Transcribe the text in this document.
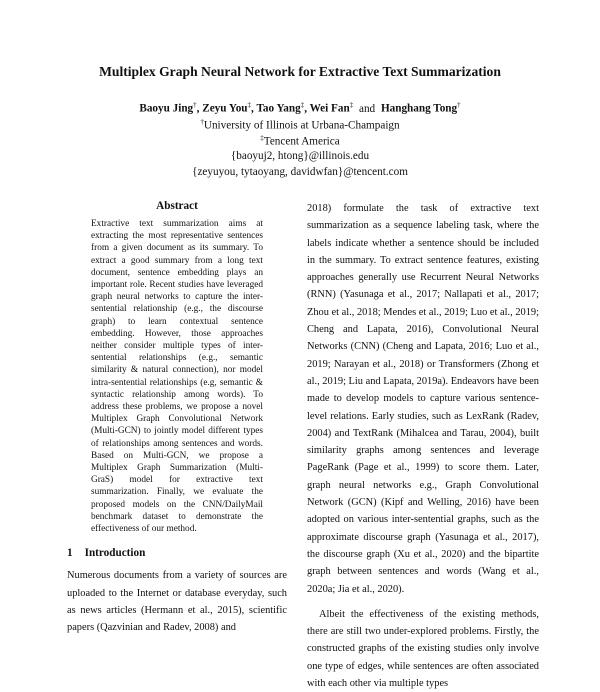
Multiplex Graph Neural Network for Extractive Text Summarization
Baoyu Jing†, Zeyu You‡, Tao Yang‡, Wei Fan‡ and Hanghang Tong†
†University of Illinois at Urbana-Champaign
‡Tencent America
{baoyuj2, htong}@illinois.edu
{zeyuyou, tytaoyang, davidwfan}@tencent.com
Abstract

Extractive text summarization aims at extracting the most representative sentences from a given document as its summary. To extract a good summary from a long text document, sentence embedding plays an important role. Recent studies have leveraged graph neural networks to capture the inter-sentential relationship (e.g., the discourse graph) to learn contextual sentence embedding. However, those approaches neither consider multiple types of inter-sentential relationships (e.g., semantic similarity & natural connection), nor model intra-sentential relationships (e.g, semantic & syntactic relationship among words). To address these problems, we propose a novel Multiplex Graph Convolutional Network (Multi-GCN) to jointly model different types of relationships among sentences and words. Based on Multi-GCN, we propose a Multiplex Graph Summarization (Multi-GraS) model for extractive text summarization. Finally, we evaluate the proposed models on the CNN/DailyMail benchmark dataset to demonstrate the effectiveness of our method.

1 Introduction

Numerous documents from a variety of sources are uploaded to the Internet or database everyday, such as news articles (Hermann et al., 2015), scientific papers (Qazvinian and Radev, 2008) and

2018) formulate the task of extractive text summarization as a sequence labeling task, where the labels indicate whether a sentence should be included in the summary. To extract sentence features, existing approaches generally use Recurrent Neural Networks (RNN) (Yasunaga et al., 2017; Nallapati et al., 2017; Zhou et al., 2018; Mendes et al., 2019; Luo et al., 2019; Cheng and Lapata, 2016), Convolutional Neural Networks (CNN) (Cheng and Lapata, 2016; Luo et al., 2019; Narayan et al., 2018) or Transformers (Zhong et al., 2019; Liu and Lapata, 2019a). Endeavors have been made to develop models to capture various sentence-level relations. Early studies, such as LexRank (Radev, 2004) and TextRank (Mihalcea and Tarau, 2004), built similarity graphs among sentences and leverage PageRank (Page et al., 1999) to score them. Later, graph neural networks e.g., Graph Convolutional Network (GCN) (Kipf and Welling, 2016) have been adopted on various inter-sentential graphs, such as the approximate discourse graph (Yasunaga et al., 2017), the discourse graph (Xu et al., 2020) and the bipartite graph between sentences and words (Wang et al., 2020a; Jia et al., 2020).

Albeit the effectiveness of the existing methods, there are still two under-explored problems. Firstly, the constructed graphs of the existing studies only involve one type of edges, while sentences are often associated with each other via multiple types
